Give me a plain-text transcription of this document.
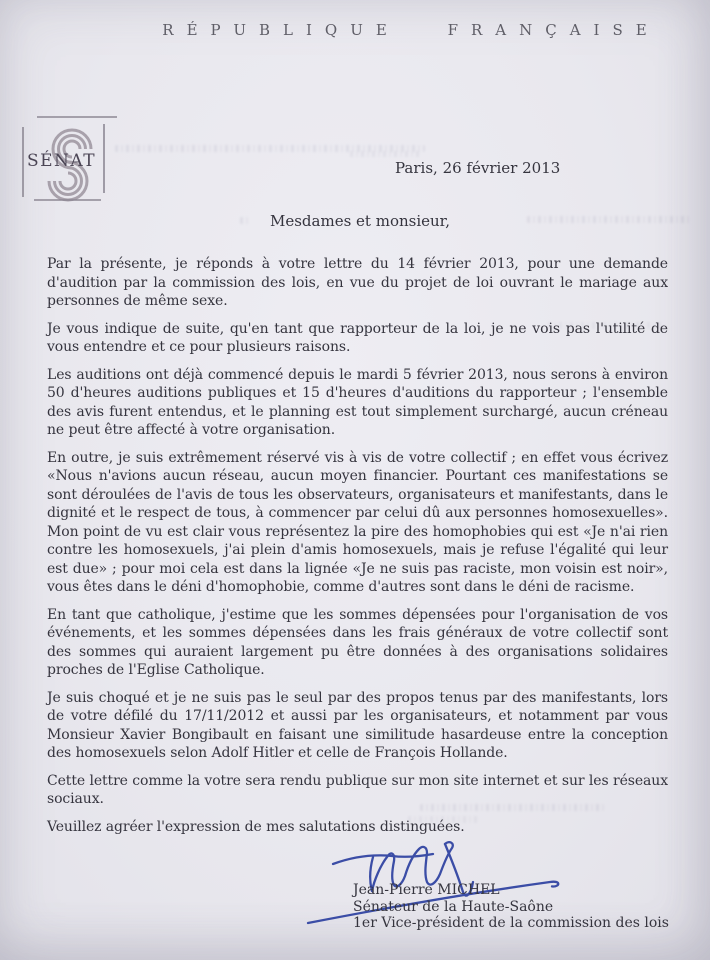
RÉPUBLIQUE FRANÇAISE
SÉNAT	Paris, 26 février 2013
Mesdames et monsieur,

Par la présente, je réponds à votre lettre du 14 février 2013, pour une demande d'audition par la commission des lois, en vue du projet de loi ouvrant le mariage aux personnes de même sexe.

Je vous indique de suite, qu'en tant que rapporteur de la loi, je ne vois pas l'utilité de vous entendre et ce pour plusieurs raisons.

Les auditions ont déjà commencé depuis le mardi 5 février 2013, nous serons à environ 50 d'heures auditions publiques et 15 d'heures d'auditions du rapporteur ; l'ensemble des avis furent entendus, et le planning est tout simplement surchargé, aucun créneau ne peut être affecté à votre organisation.

En outre, je suis extrêmement réservé vis à vis de votre collectif ; en effet vous écrivez «Nous n'avions aucun réseau, aucun moyen financier. Pourtant ces manifestations se sont déroulées de l'avis de tous les observateurs, organisateurs et manifestants, dans le dignité et le respect de tous, à commencer par celui dû aux personnes homosexuelles». Mon point de vu est clair vous représentez la pire des homophobies qui est «Je n'ai rien contre les homosexuels, j'ai plein d'amis homosexuels, mais je refuse l'égalité qui leur est due» ; pour moi cela est dans la lignée «Je ne suis pas raciste, mon voisin est noir», vous êtes dans le déni d'homophobie, comme d'autres sont dans le déni de racisme.

En tant que catholique, j'estime que les sommes dépensées pour l'organisation de vos événements, et les sommes dépensées dans les frais généraux de votre collectif sont des sommes qui auraient largement pu être données à des organisations solidaires proches de l'Eglise Catholique.

Je suis choqué et je ne suis pas le seul par des propos tenus par des manifestants, lors de votre défilé du 17/11/2012 et aussi par les organisateurs, et notamment par vous Monsieur Xavier Bongibault en faisant une similitude hasardeuse entre la conception des homosexuels selon Adolf Hitler et celle de François Hollande.

Cette lettre comme la votre sera rendu publique sur mon site internet et sur les réseaux sociaux.

Veuillez agréer l'expression de mes salutations distinguées.

Jean-Pierre MICHEL
Sénateur de la Haute-Saône
1er Vice-président de la commission des lois
